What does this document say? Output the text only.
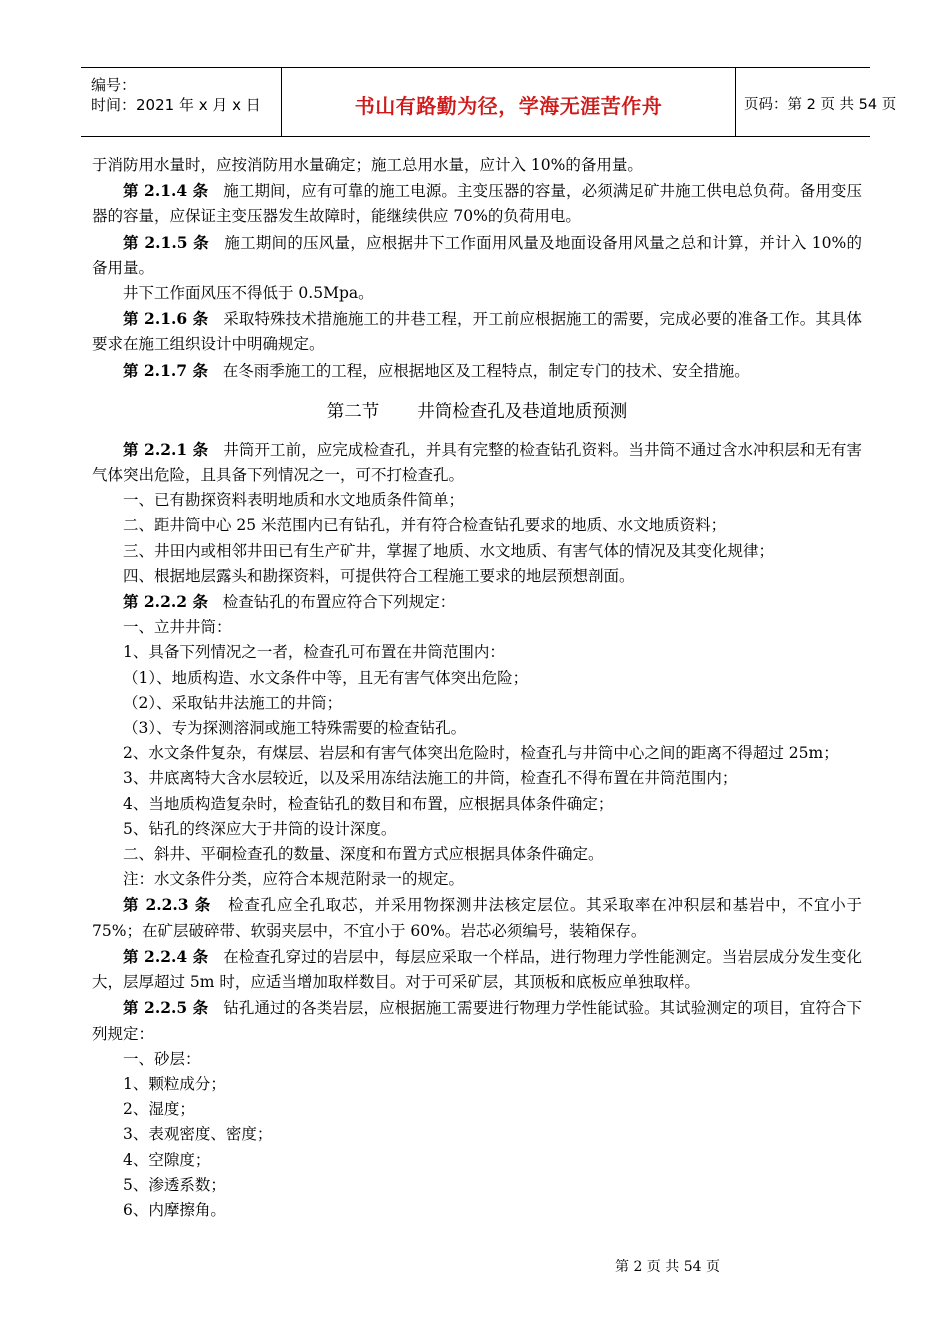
编号：
时间：2021 年 x 月 x 日	书山有路勤为径，学海无涯苦作舟	页码：第 2 页 共 54 页

于消防用水量时，应按消防用水量确定；施工总用水量，应计入 10%的备用量。

第 2.1.4 条 施工期间，应有可靠的施工电源。主变压器的容量，必须满足矿井施工供电总负荷。备用变压器的容量，应保证主变压器发生故障时，能继续供应 70%的负荷用电。

第 2.1.5 条 施工期间的压风量，应根据井下工作面用风量及地面设备用风量之总和计算，并计入 10%的备用量。

井下工作面风压不得低于 0.5Mpa。

第 2.1.6 条 采取特殊技术措施施工的井巷工程，开工前应根据施工的需要，完成必要的准备工作。其具体要求在施工组织设计中明确规定。

第 2.1.7 条 在冬雨季施工的工程，应根据地区及工程特点，制定专门的技术、安全措施。

第二节 井筒检查孔及巷道地质预测

第 2.2.1 条 井筒开工前，应完成检查孔，并具有完整的检查钻孔资料。当井筒不通过含水冲积层和无有害气体突出危险，且具备下列情况之一，可不打检查孔。

一、已有勘探资料表明地质和水文地质条件简单；

二、距井筒中心 25 米范围内已有钻孔，并有符合检查钻孔要求的地质、水文地质资料；

三、井田内或相邻井田已有生产矿井，掌握了地质、水文地质、有害气体的情况及其变化规律；

四、根据地层露头和勘探资料，可提供符合工程施工要求的地层预想剖面。

第 2.2.2 条 检查钻孔的布置应符合下列规定：

一、立井井筒：

1、具备下列情况之一者，检查孔可布置在井筒范围内：

（1）、地质构造、水文条件中等，且无有害气体突出危险；

（2）、采取钻井法施工的井筒；

（3）、专为探测溶洞或施工特殊需要的检查钻孔。

2、水文条件复杂，有煤层、岩层和有害气体突出危险时，检查孔与井筒中心之间的距离不得超过 25m；

3、井底离特大含水层较近，以及采用冻结法施工的井筒，检查孔不得布置在井筒范围内；

4、当地质构造复杂时，检查钻孔的数目和布置，应根据具体条件确定；

5、钻孔的终深应大于井筒的设计深度。

二、斜井、平硐检查孔的数量、深度和布置方式应根据具体条件确定。

注：水文条件分类，应符合本规范附录一的规定。

第 2.2.3 条 检查孔应全孔取芯，并采用物探测井法核定层位。其采取率在冲积层和基岩中，不宜小于 75%；在矿层破碎带、软弱夹层中，不宜小于 60%。岩芯必须编号，装箱保存。

第 2.2.4 条 在检查孔穿过的岩层中，每层应采取一个样品，进行物理力学性能测定。当岩层成分发生变化大，层厚超过 5m 时，应适当增加取样数目。对于可采矿层，其顶板和底板应单独取样。

第 2.2.5 条 钻孔通过的各类岩层，应根据施工需要进行物理力学性能试验。其试验测定的项目，宜符合下列规定：

一、砂层：

1、颗粒成分；

2、湿度；

3、表观密度、密度；

4、空隙度；

5、渗透系数；

6、内摩擦角。

第 2 页 共 54 页
